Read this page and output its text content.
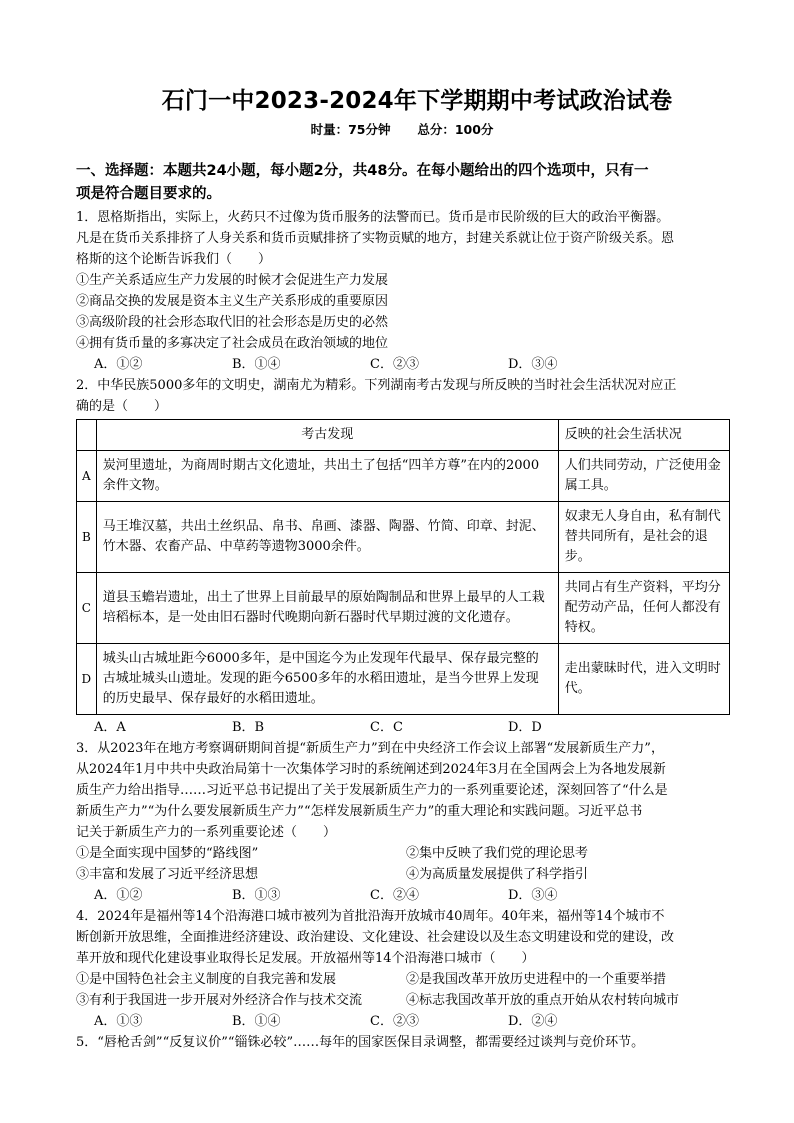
石门一中2023-2024年下学期期中考试政治试卷
时量：75分钟　 总分：100分
一、选择题：本题共24小题，每小题2分，共48分。在每小题给出的四个选项中，只有一
项是符合题目要求的。
1．恩格斯指出，实际上，火药只不过像为货币服务的法警而已。货币是市民阶级的巨大的政治平衡器。
凡是在货币关系排挤了人身关系和货币贡赋排挤了实物贡赋的地方，封建关系就让位于资产阶级关系。恩
格斯的这个论断告诉我们（　　）
①生产关系适应生产力发展的时候才会促进生产力发展
②商品交换的发展是资本主义生产关系形成的重要原因
③高级阶段的社会形态取代旧的社会形态是历史的必然
④拥有货币量的多寡决定了社会成员在政治领域的地位
A．①②	B．①④	C．②③	D．③④
2．中华民族5000多年的文明史，湖南尤为精彩。下列湖南考古发现与所反映的当时社会生活状况对应正
确的是（　　）
	考古发现	反映的社会生活状况
A	炭河里遗址，为商周时期古文化遗址，共出土了包括“四羊方尊”在内的2000余件文物。	人们共同劳动，广泛使用金属工具。
B	马王堆汉墓，共出土丝织品、帛书、帛画、漆器、陶器、竹简、印章、封泥、竹木器、农畜产品、中草药等遗物3000余件。	奴隶无人身自由，私有制代替共同所有，是社会的退步。
C	道县玉蟾岩遗址，出土了世界上目前最早的原始陶制品和世界上最早的人工栽培稻标本，是一处由旧石器时代晚期向新石器时代早期过渡的文化遗存。	共同占有生产资料，平均分配劳动产品，任何人都没有特权。
D	城头山古城址距今6000多年，是中国迄今为止发现年代最早、保存最完整的古城址城头山遗址。发现的距今6500多年的水稻田遗址，是当今世界上发现的历史最早、保存最好的水稻田遗址。	走出蒙昧时代，进入文明时代。
A．A	B．B	C．C	D．D
3．从2023年在地方考察调研期间首提“新质生产力”到在中央经济工作会议上部署“发展新质生产力”，
从2024年1月中共中央政治局第十一次集体学习时的系统阐述到2024年3月在全国两会上为各地发展新
质生产力给出指导……习近平总书记提出了关于发展新质生产力的一系列重要论述，深刻回答了“什么是
新质生产力”“为什么要发展新质生产力”“怎样发展新质生产力”的重大理论和实践问题。习近平总书
记关于新质生产力的一系列重要论述（　　）
①是全面实现中国梦的“路线图”	②集中反映了我们党的理论思考
③丰富和发展了习近平经济思想	④为高质量发展提供了科学指引
A．①②	B．①③	C．②④	D．③④
4．2024年是福州等14个沿海港口城市被列为首批沿海开放城市40周年。40年来，福州等14个城市不
断创新开放思维，全面推进经济建设、政治建设、文化建设、社会建设以及生态文明建设和党的建设，改
革开放和现代化建设事业取得长足发展。开放福州等14个沿海港口城市（　　）
①是中国特色社会主义制度的自我完善和发展	②是我国改革开放历史进程中的一个重要举措
③有利于我国进一步开展对外经济合作与技术交流	④标志我国改革开放的重点开始从农村转向城市
A．①③	B．①④	C．②③	D．②④
5．“唇枪舌剑”“反复议价”“锱铢必较”……每年的国家医保目录调整，都需要经过谈判与竞价环节。
